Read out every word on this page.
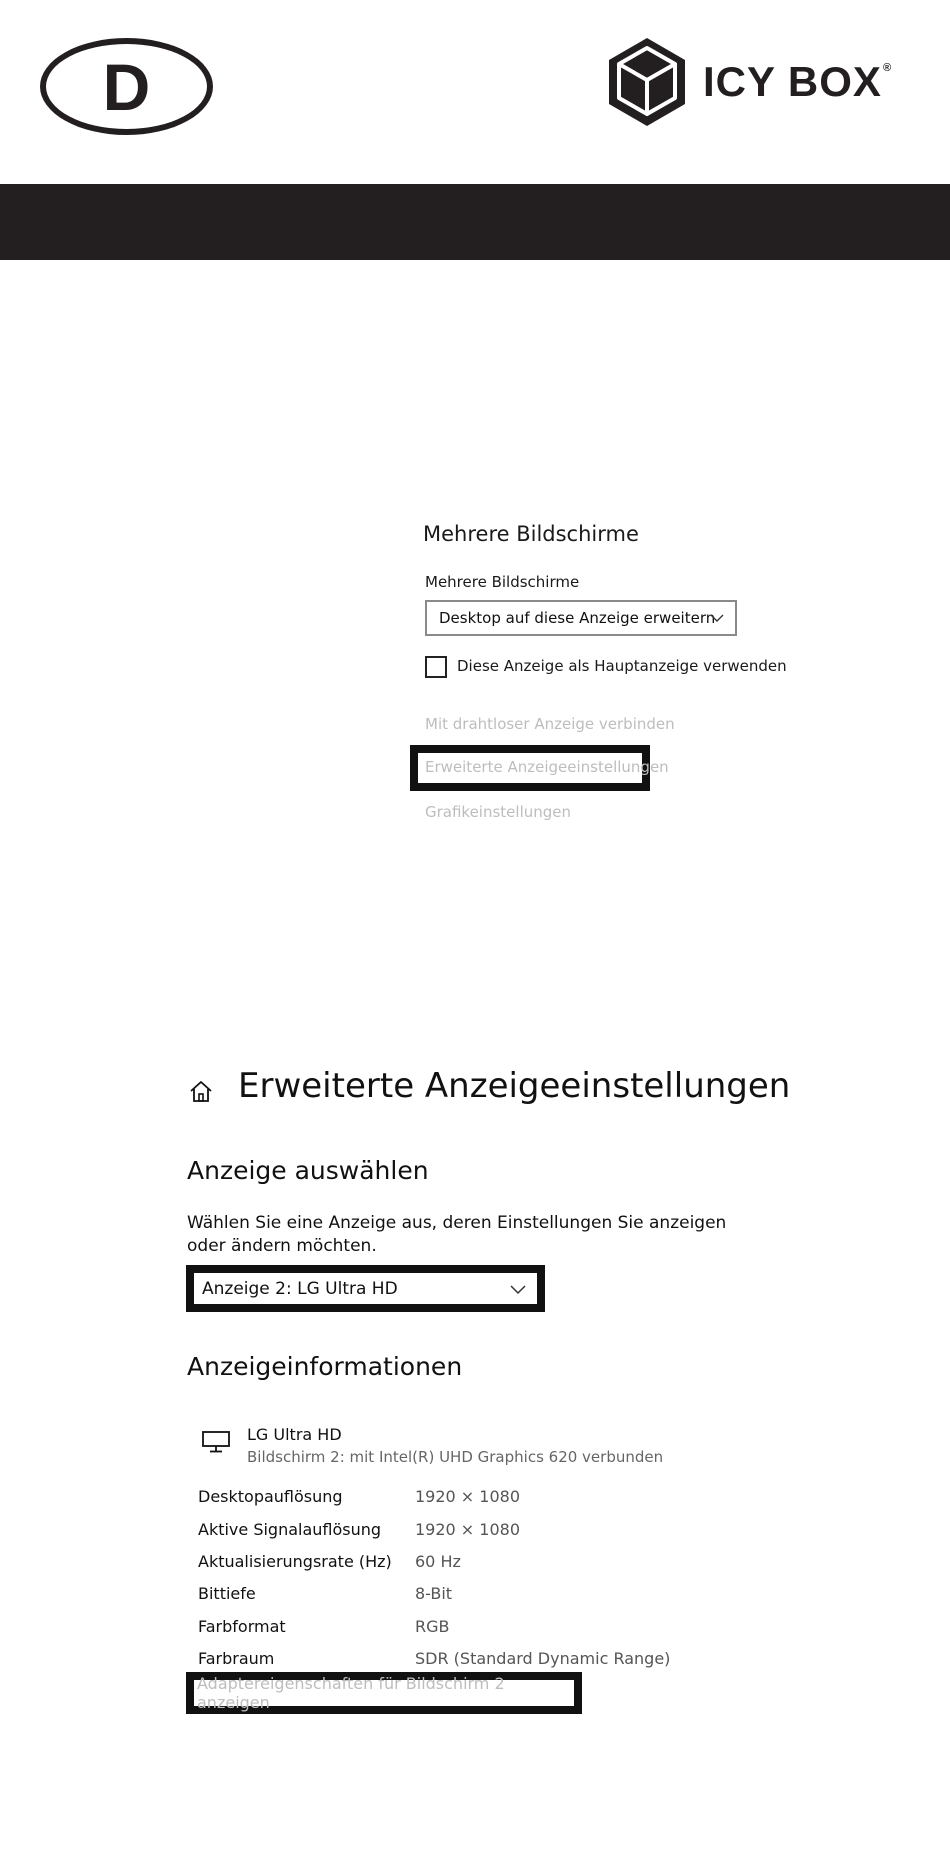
D	ICY BOX®
Mehrere Bildschirme
Mehrere Bildschirme
Desktop auf diese Anzeige erweitern
Diese Anzeige als Hauptanzeige verwenden
Mit drahtloser Anzeige verbinden
Erweiterte Anzeigeeinstellungen
Grafikeinstellungen
Erweiterte Anzeigeeinstellungen
Anzeige auswählen
Wählen Sie eine Anzeige aus, deren Einstellungen Sie anzeigen oder ändern möchten.
Anzeige 2: LG Ultra HD
Anzeigeinformationen
LG Ultra HD
Bildschirm 2: mit Intel(R) UHD Graphics 620 verbunden
Desktopauflösung	1920 × 1080
Aktive Signalauflösung 1920 × 1080
Aktualisierungsrate (Hz) 60 Hz
Bittiefe	8-Bit
Farbformat	RGB
Farbraum	SDR (Standard Dynamic Range)
Adaptereigenschaften für Bildschirm 2 anzeigen
